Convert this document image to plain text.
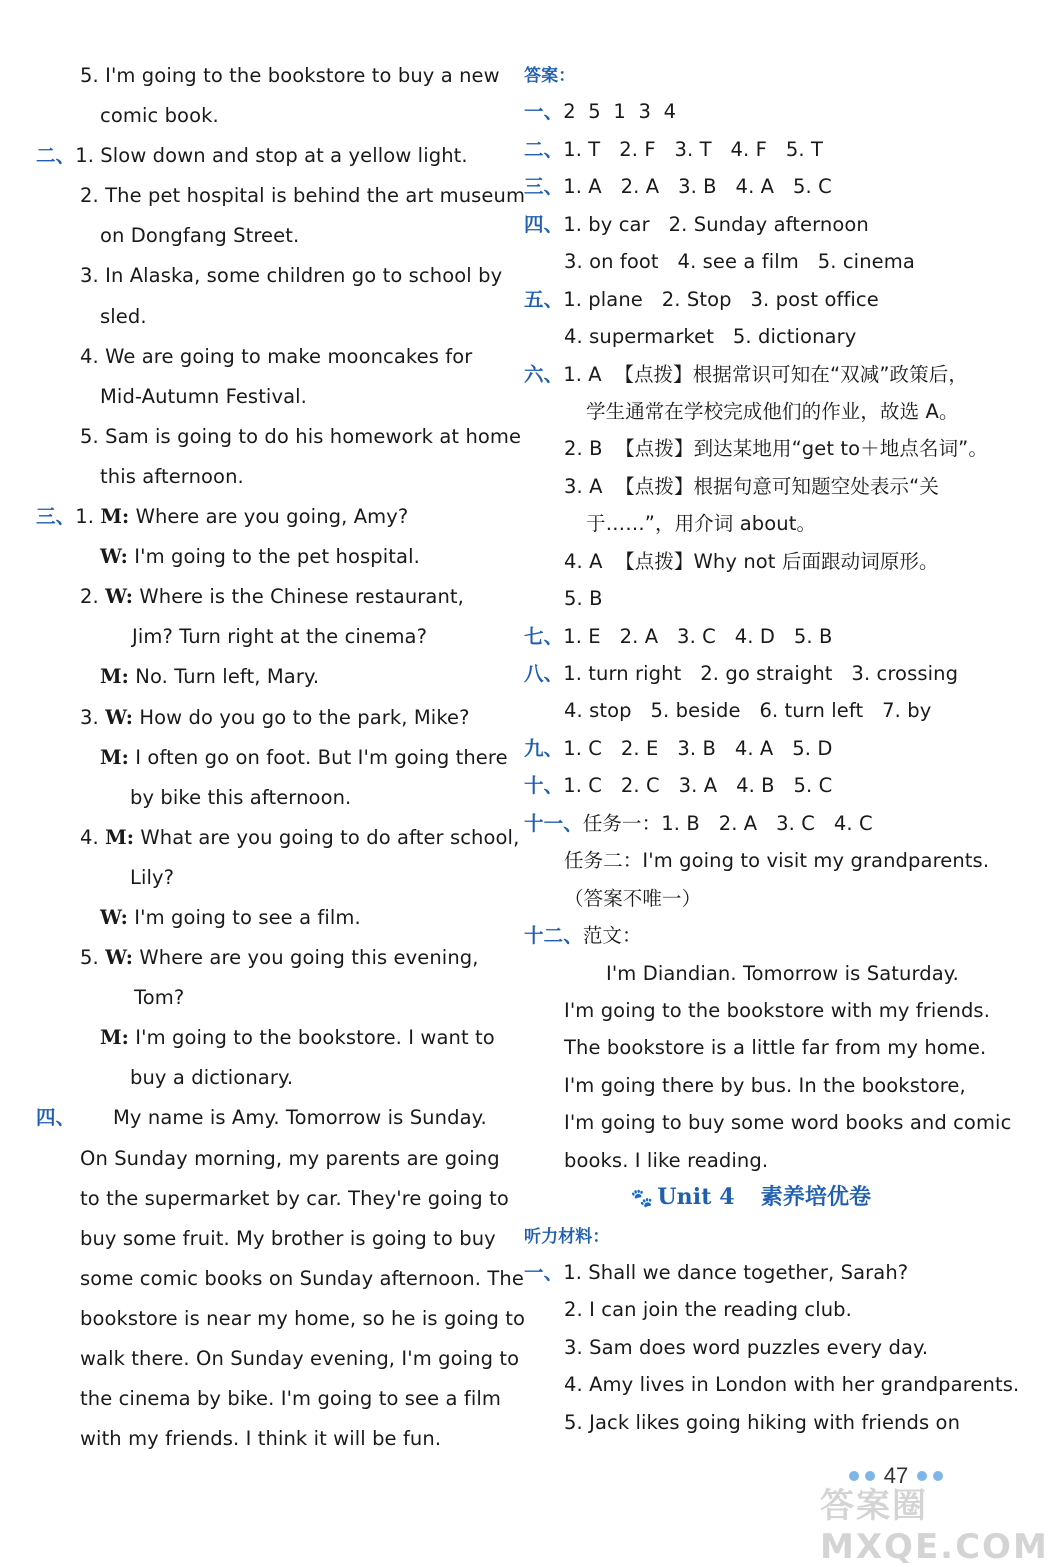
5. I'm going to the bookstore to buy a new
comic book.
二、1. Slow down and stop at a yellow light.
2. The pet hospital is behind the art museum
on Dongfang Street.
3. In Alaska, some children go to school by
sled.
4. We are going to make mooncakes for
Mid-Autumn Festival.
5. Sam is going to do his homework at home
this afternoon.
三、1. M: Where are you going, Amy?
W: I'm going to the pet hospital.
2. W: Where is the Chinese restaurant,
Jim? Turn right at the cinema?
M: No. Turn left, Mary.
3. W: How do you go to the park, Mike?
M: I often go on foot. But I'm going there
by bike this afternoon.
4. M: What are you going to do after school,
Lily?
W: I'm going to see a film.
5. W: Where are you going this evening,
Tom?
M: I'm going to the bookstore. I want to
buy a dictionary.
四、      My name is Amy. Tomorrow is Sunday.
On Sunday morning, my parents are going
to the supermarket by car. They're going to
buy some fruit. My brother is going to buy
some comic books on Sunday afternoon. The
bookstore is near my home, so he is going to
walk there. On Sunday evening, I'm going to
the cinema by bike. I'm going to see a film
with my friends. I think it will be fun.
答案：
一、2  5  1  3  4
二、1. T   2. F   3. T   4. F   5. T
三、1. A   2. A   3. B   4. A   5. C
四、1. by car   2. Sunday afternoon
3. on foot   4. see a film   5. cinema
五、1. plane   2. Stop   3. post office
4. supermarket   5. dictionary
六、1. A  【点拨】根据常识可知在“双减”政策后，
学生通常在学校完成他们的作业，故选 A。
2. B  【点拨】到达某地用“get to＋地点名词”。
3. A  【点拨】根据句意可知题空处表示“关
于……”，用介词 about。
4. A  【点拨】Why not 后面跟动词原形。
5. B
七、1. E   2. A   3. C   4. D   5. B
八、1. turn right   2. go straight   3. crossing
4. stop   5. beside   6. turn left   7. by
九、1. C   2. E   3. B   4. A   5. D
十、1. C   2. C   3. A   4. B   5. C
十一、任务一：1. B   2. A   3. C   4. C
任务二：I'm going to visit my grandparents.
（答案不唯一）
十二、范文：
I'm Diandian. Tomorrow is Saturday.
I'm going to the bookstore with my friends.
The bookstore is a little far from my home.
I'm going there by bus. In the bookstore,
I'm going to buy some word books and comic
books. I like reading.
🐾 Unit 4 素养培优卷
听力材料：
一、1. Shall we dance together, Sarah?
2. I can join the reading club.
3. Sam does word puzzles every day.
4. Amy lives in London with her grandparents.
5. Jack likes going hiking with friends on
47
答案圈 MXQE.COM
